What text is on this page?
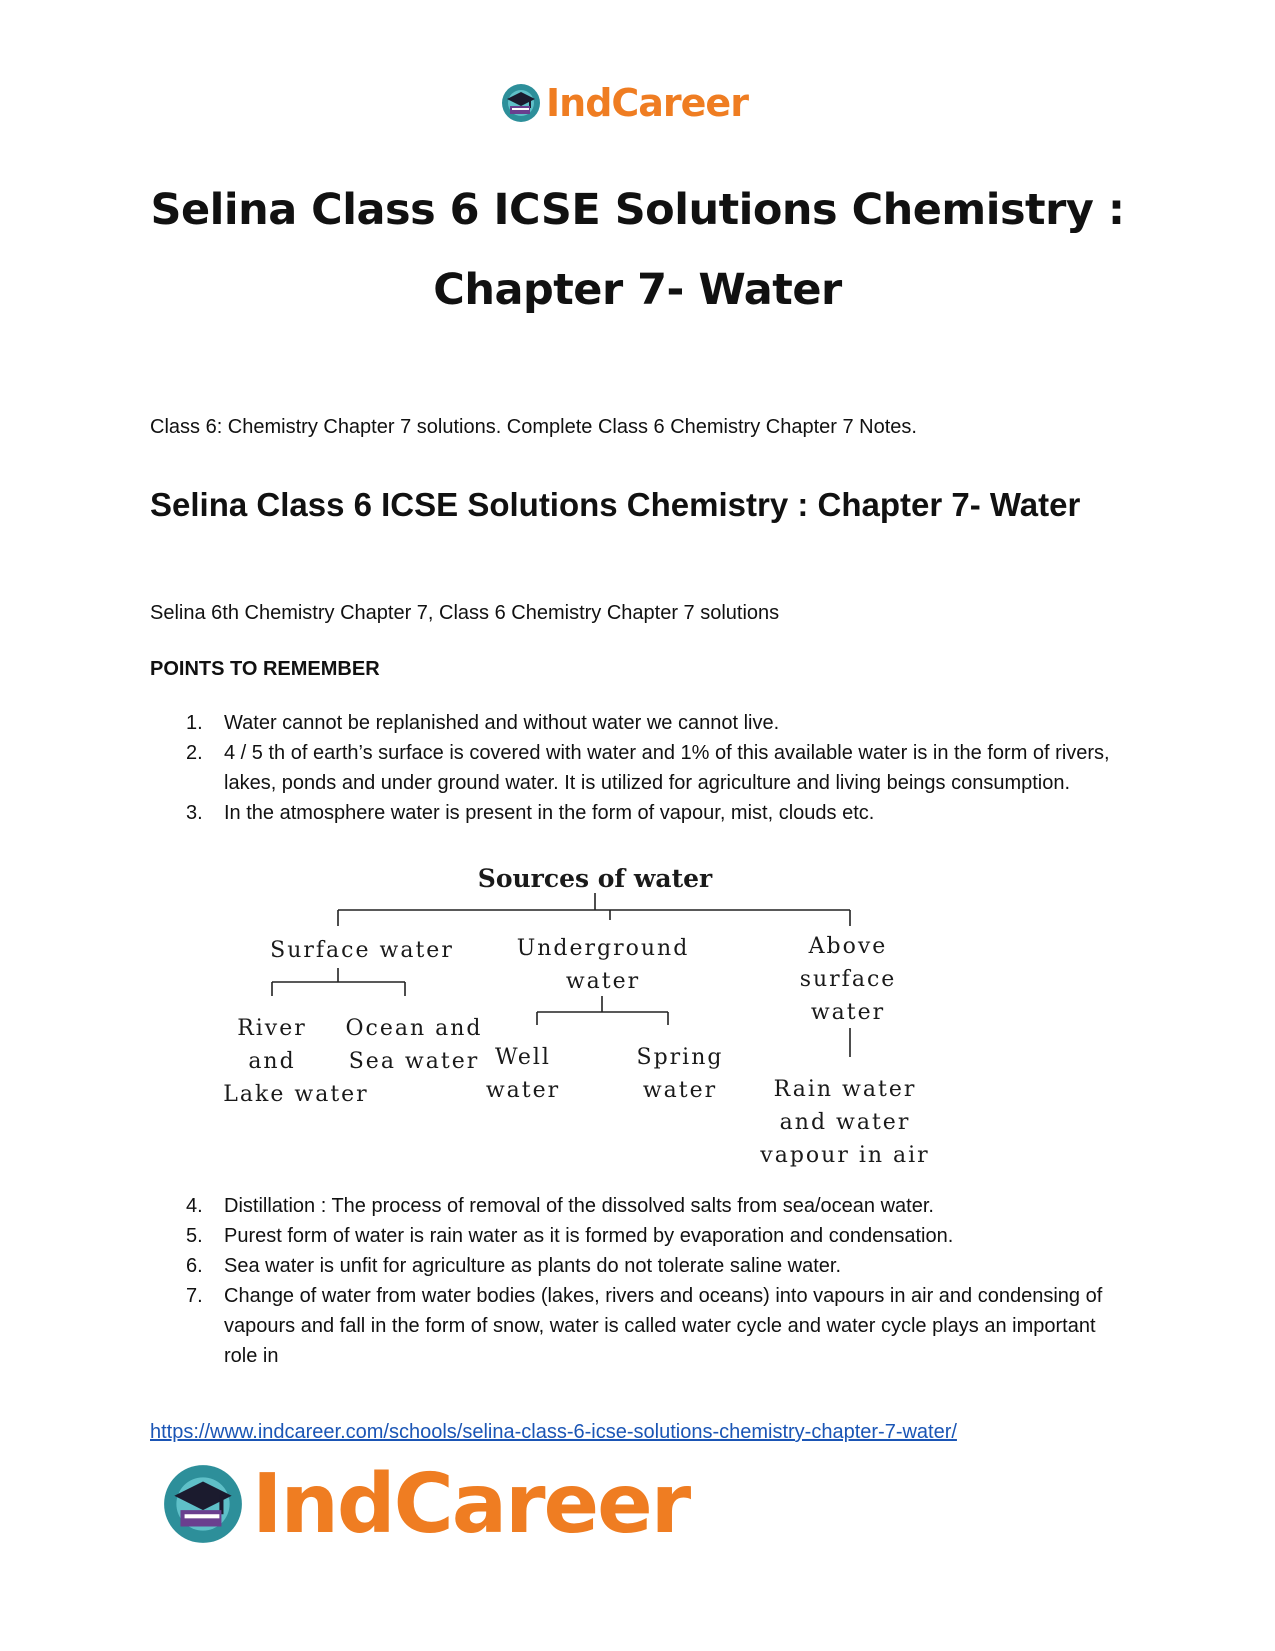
IndCareer
Selina Class 6 ICSE Solutions Chemistry :
Chapter 7- Water
Class 6: Chemistry Chapter 7 solutions. Complete Class 6 Chemistry Chapter 7 Notes.
Selina Class 6 ICSE Solutions Chemistry : Chapter 7- Water
Selina 6th Chemistry Chapter 7, Class 6 Chemistry Chapter 7 solutions
POINTS TO REMEMBER
1. Water cannot be replanished and without water we cannot live.
2. 4 / 5 th of earth’s surface is covered with water and 1% of this available water is in the form of rivers, lakes, ponds and under ground water. It is utilized for agriculture and living beings consumption.
3. In the atmosphere water is present in the form of vapour, mist, clouds etc.
Sources of water
Surface water	Underground
water
Above
surface
water
River
and
Lake water
Ocean and
Sea water Well
water
Spring
water	Rain water
and water
vapour in air
4. Distillation : The process of removal of the dissolved salts from sea/ocean water.
5. Purest form of water is rain water as it is formed by evaporation and condensation.
6. Sea water is unfit for agriculture as plants do not tolerate saline water.
7. Change of water from water bodies (lakes, rivers and oceans) into vapours in air and condensing of vapours and fall in the form of snow, water is called water cycle and water cycle plays an important role in
https://www.indcareer.com/schools/selina-class-6-icse-solutions-chemistry-chapter-7-water/
IndCareer
